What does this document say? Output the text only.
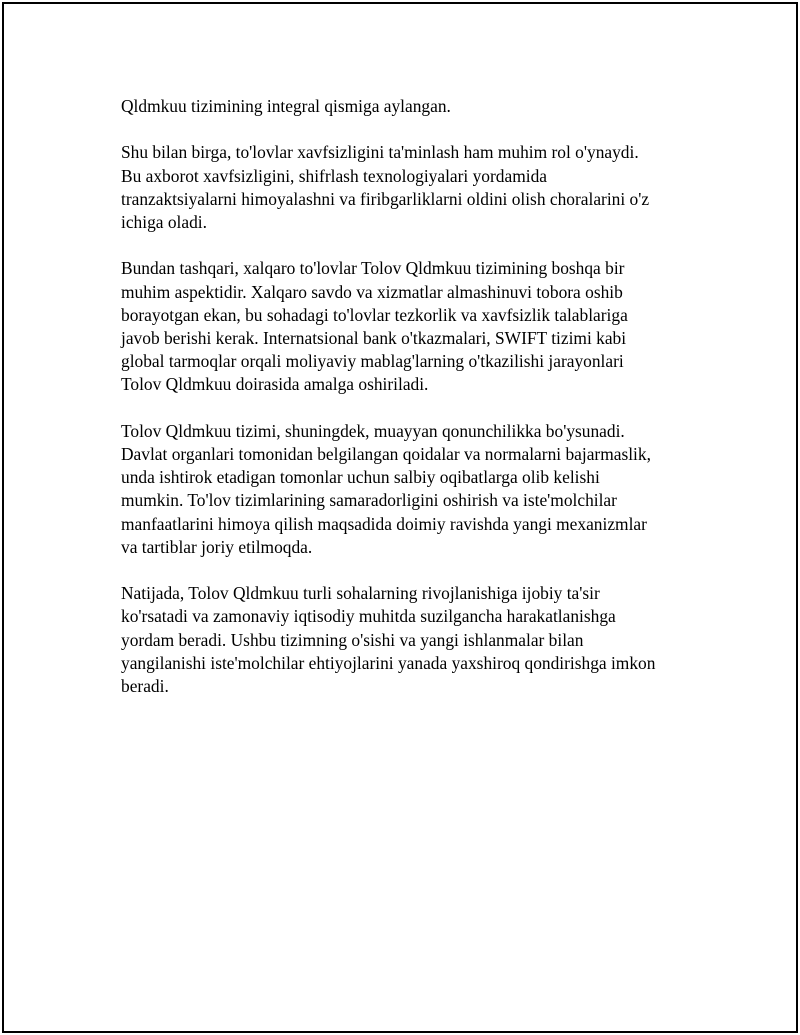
Qldmkuu tizimining integral qismiga aylangan.

Shu bilan birga, to'lovlar xavfsizligini ta'minlash ham muhim rol o'ynaydi.
Bu axborot xavfsizligini, shifrlash texnologiyalari yordamida
tranzaktsiyalarni himoyalashni va firibgarliklarni oldini olish choralarini o'z
ichiga oladi.

Bundan tashqari, xalqaro to'lovlar Tolov Qldmkuu tizimining boshqa bir
muhim aspektidir. Xalqaro savdo va xizmatlar almashinuvi tobora oshib
borayotgan ekan, bu sohadagi to'lovlar tezkorlik va xavfsizlik talablariga
javob berishi kerak. Internatsional bank o'tkazmalari, SWIFT tizimi kabi
global tarmoqlar orqali moliyaviy mablag'larning o'tkazilishi jarayonlari
Tolov Qldmkuu doirasida amalga oshiriladi.

Tolov Qldmkuu tizimi, shuningdek, muayyan qonunchilikka bo'ysunadi.
Davlat organlari tomonidan belgilangan qoidalar va normalarni bajarmaslik,
unda ishtirok etadigan tomonlar uchun salbiy oqibatlarga olib kelishi
mumkin. To'lov tizimlarining samaradorligini oshirish va iste'molchilar
manfaatlarini himoya qilish maqsadida doimiy ravishda yangi mexanizmlar
va tartiblar joriy etilmoqda.

Natijada, Tolov Qldmkuu turli sohalarning rivojlanishiga ijobiy ta'sir
ko'rsatadi va zamonaviy iqtisodiy muhitda suzilgancha harakatlanishga
yordam beradi. Ushbu tizimning o'sishi va yangi ishlanmalar bilan
yangilanishi iste'molchilar ehtiyojlarini yanada yaxshiroq qondirishga imkon
beradi.
